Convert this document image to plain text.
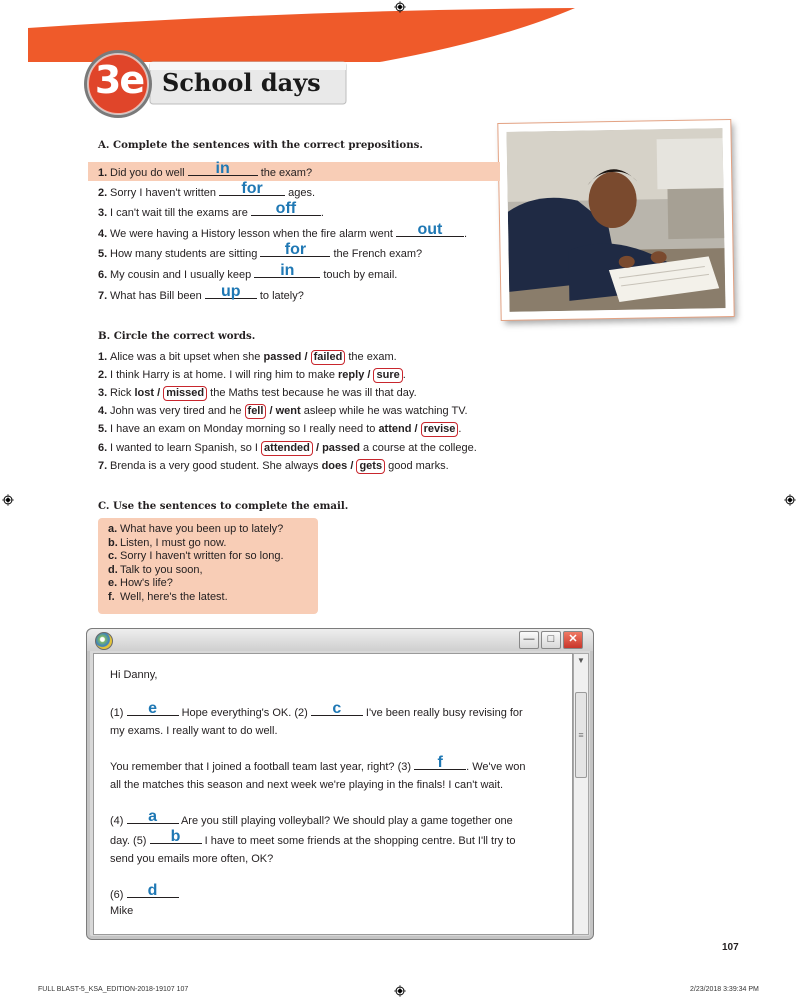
3e School days
A. Complete the sentences with the correct prepositions.
1. Did you do well	in	the exam?
2. Sorry I haven't written	for	ages.
3. I can't wait till the exams are	off	.
4. We were having a History lesson when the fire alarm went	out	.
5. How many students are sitting	for	the French exam?
6. My cousin and I usually keep	in	touch by email.
7. What has Bill been	up	to lately?
B. Circle the correct words.
1. Alice was a bit upset when she passed / failed the exam.
2. I think Harry is at home. I will ring him to make reply / sure .
3. Rick lost / missed the Maths test because he was ill that day.
4. John was very tired and he fell / went asleep while he was watching TV.
5. I have an exam on Monday morning so I really need to attend / revise .
6. I wanted to learn Spanish, so I attended / passed a course at the college.
7. Brenda is a very good student. She always does / gets good marks.
C. Use the sentences to complete the email.
a. What have you been up to lately?
b. Listen, I must go now.
c. Sorry I haven't written for so long.
d. Talk to you soon,
e. How's life?
f. Well, here's the latest.
—	□	✕
Hi Danny,
(1)	e	Hope everything's OK. (2)	c	I've been really busy revising for
my exams. I really want to do well.
You remember that I joined a football team last year, right? (3)	f	. We've won
all the matches this season and next week we're playing in the finals! I can't wait.
(4)	a	Are you still playing volleyball? We should play a game together one
day. (5)	b	I have to meet some friends at the shopping centre. But I'll try to
send you emails more often, OK?
(6)	d
Mike
▼
≡
107
FULL BLAST-5_KSA_EDITION-2018-19107 107	2/23/2018 3:39:34 PM
